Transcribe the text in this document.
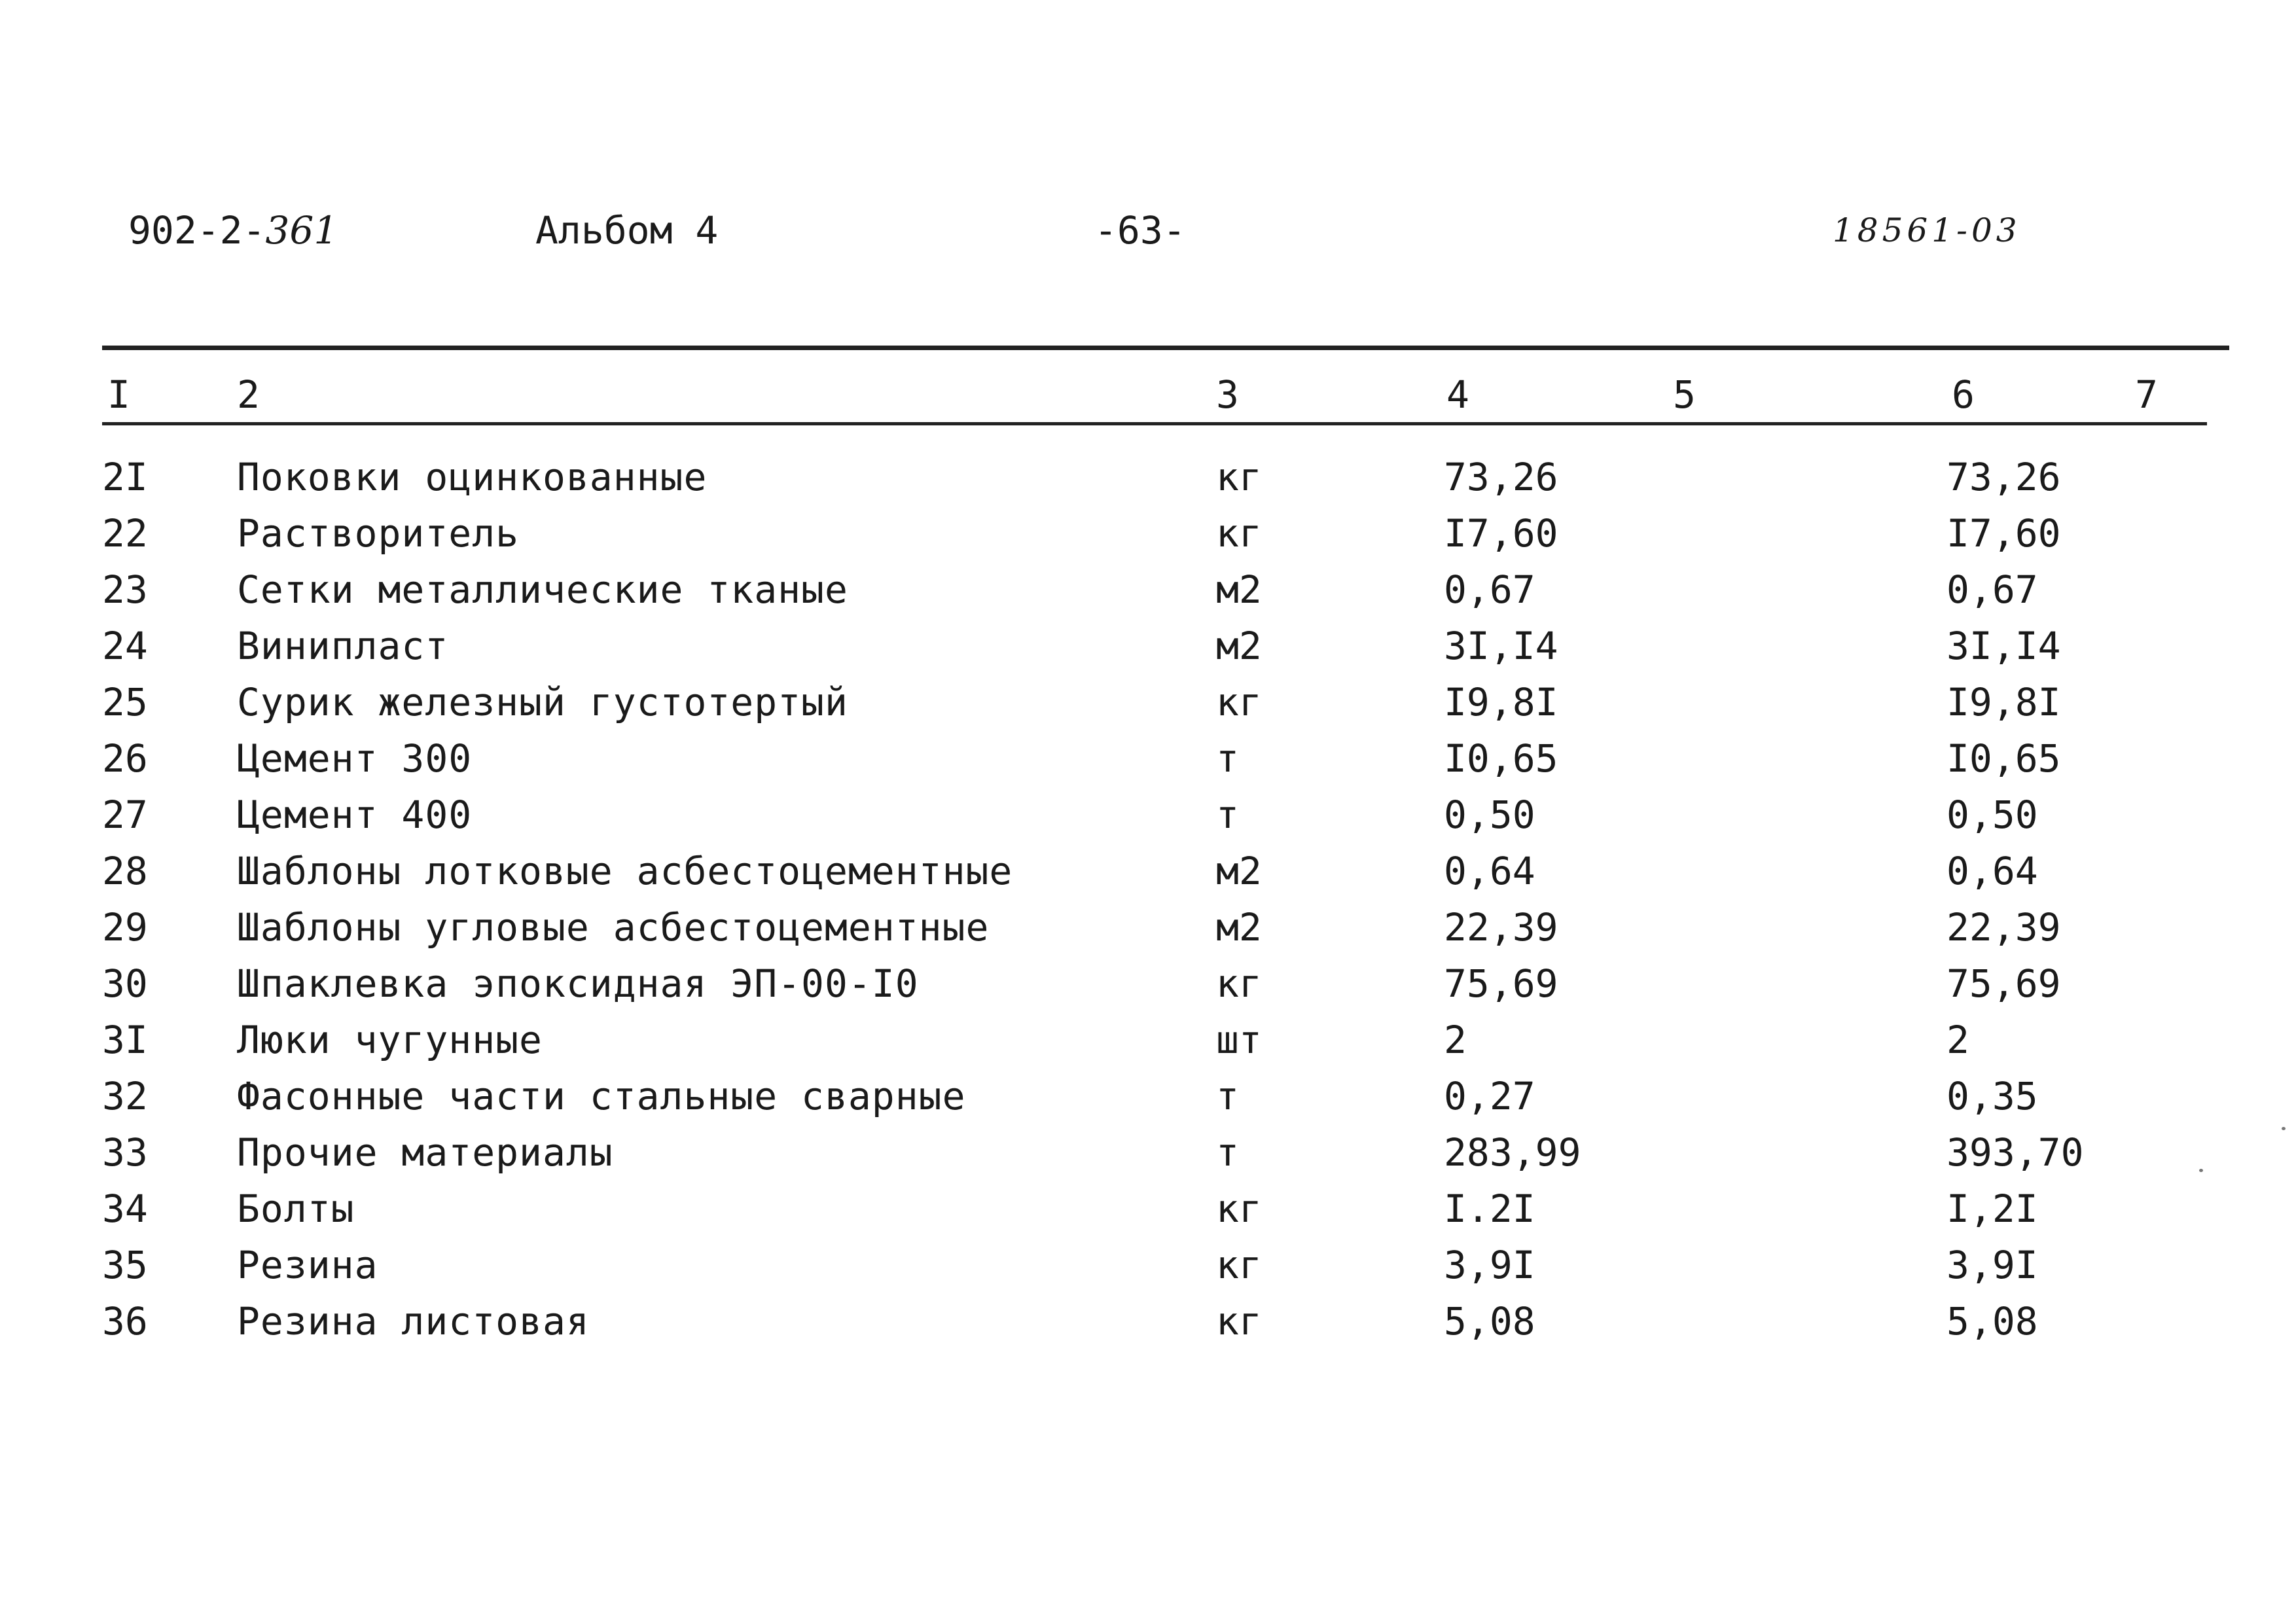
902-2-361	Альбом 4	-63-	18561-03
I	2	3	4	5	6	7
2I Поковки оцинкованные	кг	73,26	73,26
22 Растворитель	кг	I7,60	I7,60
23 Сетки металлические тканые	м2	0,67	0,67
24 Винипласт	м2	3I,I4	3I,I4
25 Сурик железный густотертый	кг	I9,8I	I9,8I
26 Цемент 300	т	I0,65	I0,65
27 Цемент 400	т	0,50	0,50
28 Шаблоны лотковые асбестоцементные	м2	0,64	0,64
29 Шаблоны угловые асбестоцементные	м2	22,39	22,39
30 Шпаклевка эпоксидная ЭП-00-I0	кг	75,69	75,69
3I Люки чугунные	шт	2	2
32 Фасонные части стальные сварные	т	0,27	0,35
33 Прочие материалы	т	283,99	393,70
34 Болты	кг	I.2I	I,2I
35 Резина	кг	3,9I	3,9I
36 Резина листовая	кг	5,08	5,08
